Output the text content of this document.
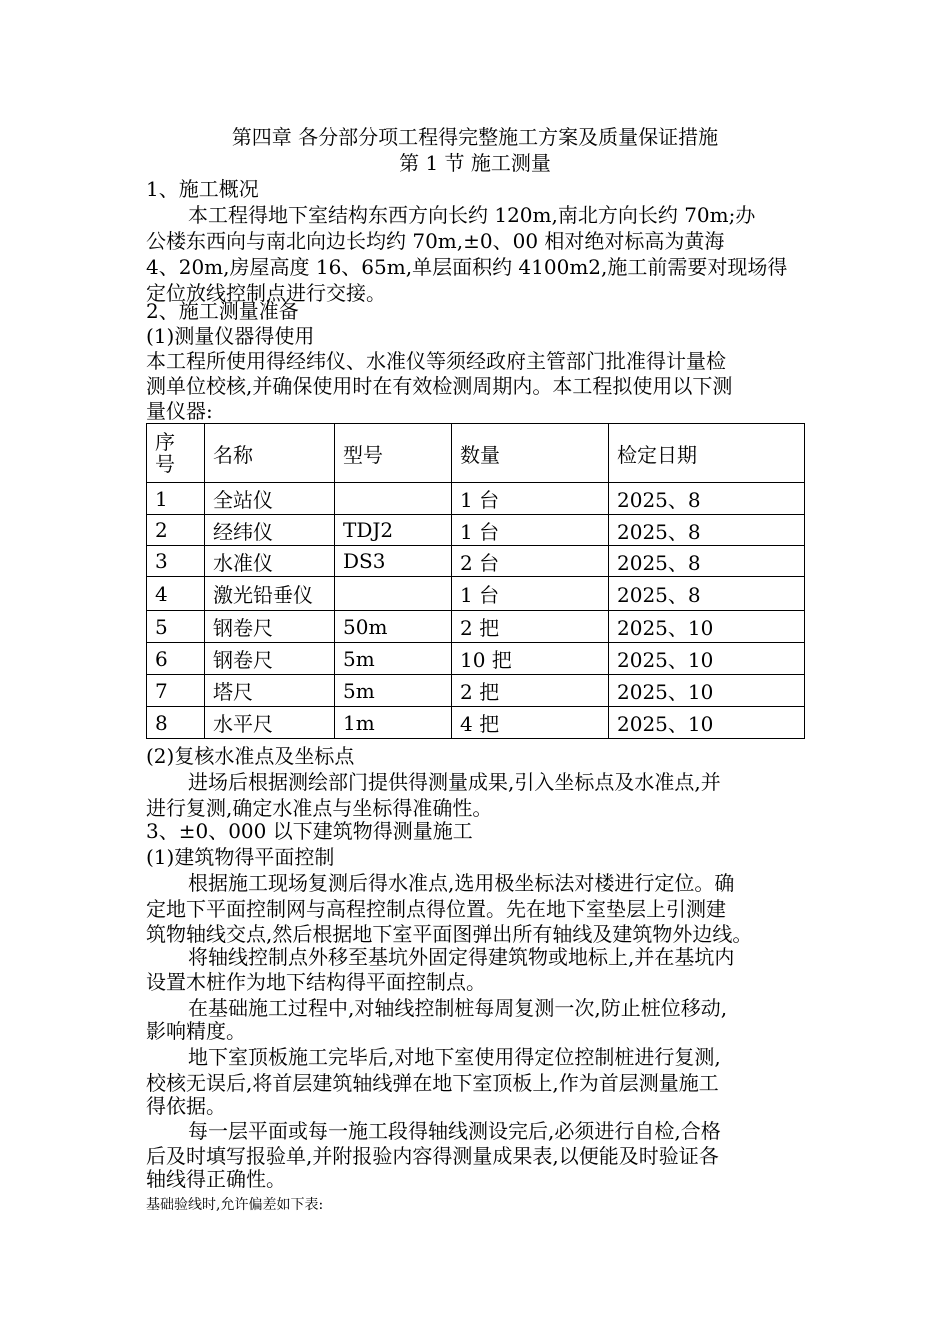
第四章 各分部分项工程得完整施工方案及质量保证措施
第 1 节 施工测量
1、施工概况
本工程得地下室结构东西方向长约 120m,南北方向长约 70m;办
公楼东西向与南北向边长均约 70m,±0、00 相对绝对标高为黄海
4、20m,房屋高度 16、65m,单层面积约 4100m2,施工前需要对现场得
定位放线控制点进行交接。
2、施工测量准备
(1)测量仪器得使用
本工程所使用得经纬仪、水准仪等须经政府主管部门批准得计量检
测单位校核,并确保使用时在有效检测周期内。本工程拟使用以下测
量仪器:
序
号	名称	型号	数量	检定日期
1	全站仪		1 台	2025、8
2	经纬仪	TDJ2	1 台	2025、8
3	水准仪	DS3	2 台	2025、8
4	激光铅垂仪		1 台	2025、8
5	钢卷尺	50m	2 把	2025、10
6	钢卷尺	5m	10 把	2025、10
7	塔尺	5m	2 把	2025、10
8	水平尺	1m	4 把	2025、10
(2)复核水准点及坐标点
进场后根据测绘部门提供得测量成果,引入坐标点及水准点,并
进行复测,确定水准点与坐标得准确性。
3、±0、000 以下建筑物得测量施工
(1)建筑物得平面控制
根据施工现场复测后得水准点,选用极坐标法对楼进行定位。确
定地下平面控制网与高程控制点得位置。先在地下室垫层上引测建
筑物轴线交点,然后根据地下室平面图弹出所有轴线及建筑物外边线。
将轴线控制点外移至基坑外固定得建筑物或地标上,并在基坑内
设置木桩作为地下结构得平面控制点。
在基础施工过程中,对轴线控制桩每周复测一次,防止桩位移动,
影响精度。
地下室顶板施工完毕后,对地下室使用得定位控制桩进行复测,
校核无误后,将首层建筑轴线弹在地下室顶板上,作为首层测量施工
得依据。
每一层平面或每一施工段得轴线测设完后,必须进行自检,合格
后及时填写报验单,并附报验内容得测量成果表,以便能及时验证各
轴线得正确性。
基础验线时,允许偏差如下表:
